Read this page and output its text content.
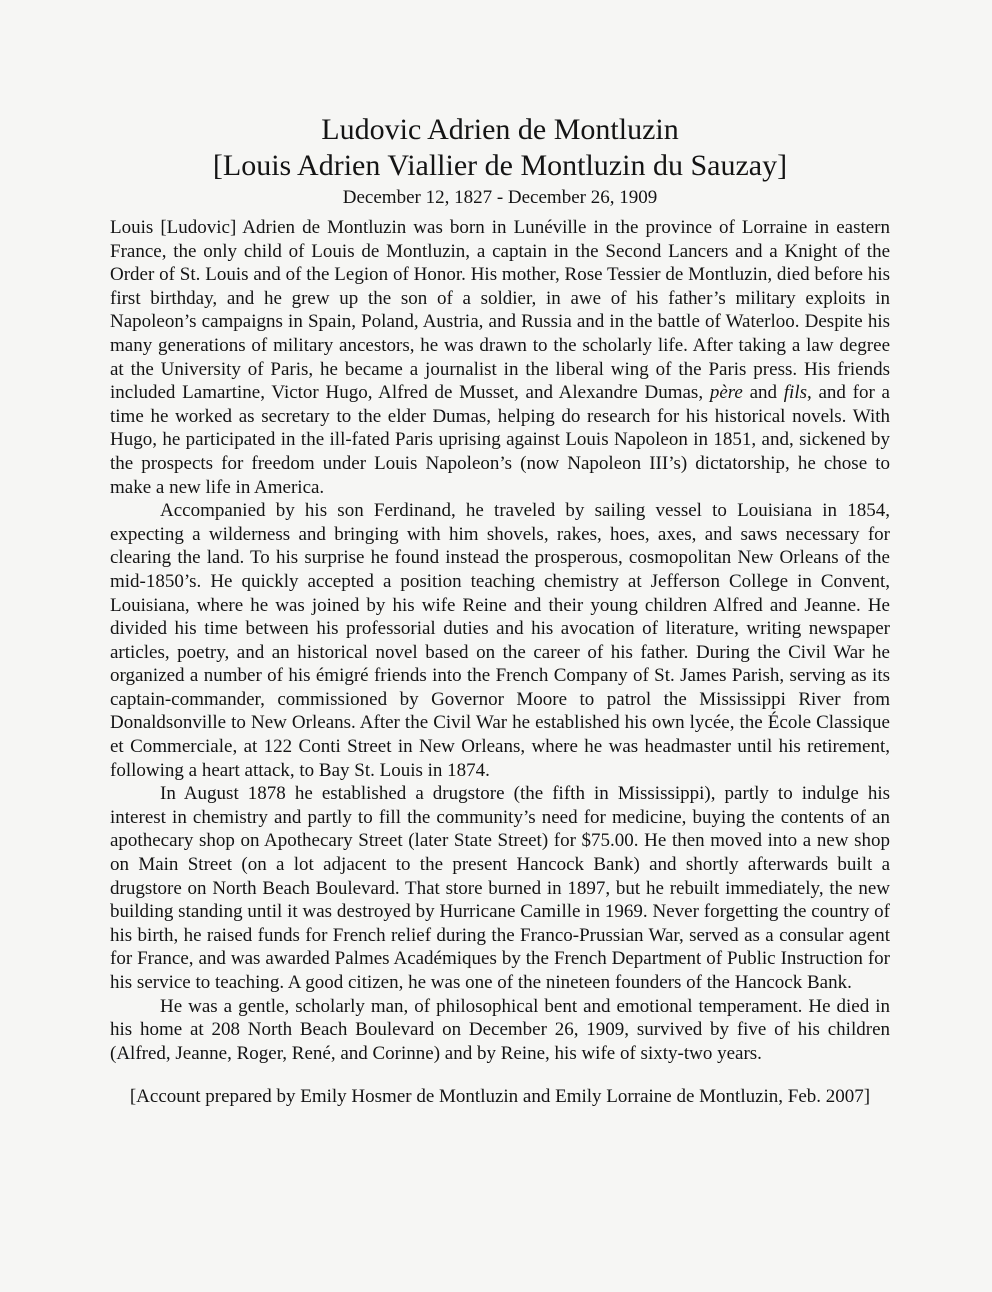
Ludovic Adrien de Montluzin
[Louis Adrien Viallier de Montluzin du Sauzay]
December 12, 1827 - December 26, 1909

Louis [Ludovic] Adrien de Montluzin was born in Lunéville in the province of Lorraine in eastern France, the only child of Louis de Montluzin, a captain in the Second Lancers and a Knight of the Order of St. Louis and of the Legion of Honor. His mother, Rose Tessier de Montluzin, died before his first birthday, and he grew up the son of a soldier, in awe of his father’s military exploits in Napoleon’s campaigns in Spain, Poland, Austria, and Russia and in the battle of Waterloo. Despite his many generations of military ancestors, he was drawn to the scholarly life. After taking a law degree at the University of Paris, he became a journalist in the liberal wing of the Paris press. His friends included Lamartine, Victor Hugo, Alfred de Musset, and Alexandre Dumas, père and fils, and for a time he worked as secretary to the elder Dumas, helping do research for his historical novels. With Hugo, he participated in the ill-fated Paris uprising against Louis Napoleon in 1851, and, sickened by the prospects for freedom under Louis Napoleon’s (now Napoleon III’s) dictatorship, he chose to make a new life in America.

Accompanied by his son Ferdinand, he traveled by sailing vessel to Louisiana in 1854, expecting a wilderness and bringing with him shovels, rakes, hoes, axes, and saws necessary for clearing the land. To his surprise he found instead the prosperous, cosmopolitan New Orleans of the mid-1850’s. He quickly accepted a position teaching chemistry at Jefferson College in Convent, Louisiana, where he was joined by his wife Reine and their young children Alfred and Jeanne. He divided his time between his professorial duties and his avocation of literature, writing newspaper articles, poetry, and an historical novel based on the career of his father. During the Civil War he organized a number of his émigré friends into the French Company of St. James Parish, serving as its captain-commander, commissioned by Governor Moore to patrol the Mississippi River from Donaldsonville to New Orleans. After the Civil War he established his own lycée, the École Classique et Commerciale, at 122 Conti Street in New Orleans, where he was headmaster until his retirement, following a heart attack, to Bay St. Louis in 1874.

In August 1878 he established a drugstore (the fifth in Mississippi), partly to indulge his interest in chemistry and partly to fill the community’s need for medicine, buying the contents of an apothecary shop on Apothecary Street (later State Street) for $75.00. He then moved into a new shop on Main Street (on a lot adjacent to the present Hancock Bank) and shortly afterwards built a drugstore on North Beach Boulevard. That store burned in 1897, but he rebuilt immediately, the new building standing until it was destroyed by Hurricane Camille in 1969. Never forgetting the country of his birth, he raised funds for French relief during the Franco-Prussian War, served as a consular agent for France, and was awarded Palmes Académiques by the French Department of Public Instruction for his service to teaching. A good citizen, he was one of the nineteen founders of the Hancock Bank.

He was a gentle, scholarly man, of philosophical bent and emotional temperament. He died in his home at 208 North Beach Boulevard on December 26, 1909, survived by five of his children (Alfred, Jeanne, Roger, René, and Corinne) and by Reine, his wife of sixty-two years.

[Account prepared by Emily Hosmer de Montluzin and Emily Lorraine de Montluzin, Feb. 2007]
